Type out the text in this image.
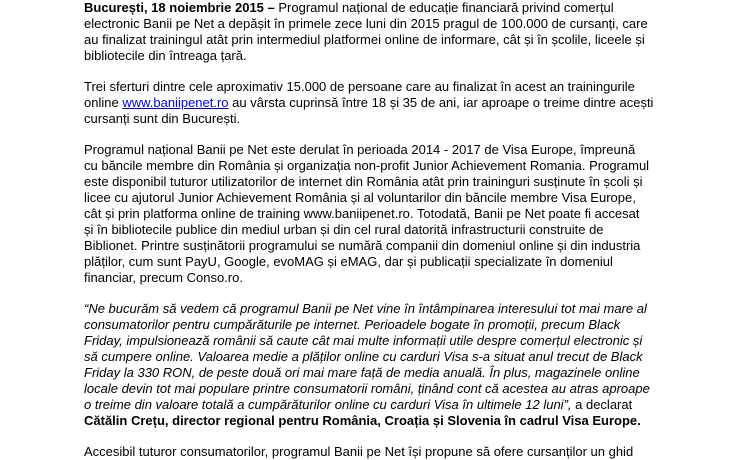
București, 18 noiembrie 2015 – Programul național de educație financiară privind comerțul
electronic Banii pe Net a depășit în primele zece luni din 2015 pragul de 100.000 de cursanți, care
au finalizat trainingul atât prin intermediul platformei online de informare, cât și în școlile, liceele și
bibliotecile din întreaga țară.
Trei sferturi dintre cele aproximativ 15.000 de persoane care au finalizat în acest an trainingurile
online www.baniipenet.ro au vârsta cuprinsă între 18 și 35 de ani, iar aproape o treime dintre acești
cursanți sunt din București.
Programul național Banii pe Net este derulat în perioada 2014 - 2017 de Visa Europe, împreună
cu băncile membre din România și organizația non-profit Junior Achievement Romania. Programul
este disponibil tuturor utilizatorilor de internet din România atât prin traininguri susținute în școli și
licee cu ajutorul Junior Achievement România și al voluntarilor din băncile membre Visa Europe,
cât și prin platforma online de training www.baniipenet.ro. Totodată, Banii pe Net poate fi accesat
și în bibliotecile publice din mediul urban și din cel rural datorită infrastructurii construite de
Biblionet. Printre susținătorii programului se numără companii din domeniul online și din industria
plăților, cum sunt PayU, Google, evoMAG și eMAG, dar și publicații specializate în domeniul
financiar, precum Conso.ro.
“Ne bucurăm să vedem că programul Banii pe Net vine în întâmpinarea interesului tot mai mare al
consumatorilor pentru cumpărăturile pe internet. Perioadele bogate în promoții, precum Black
Friday, impulsionează românii să caute cât mai multe informații utile despre comerțul electronic și
să cumpere online. Valoarea medie a plăților online cu carduri Visa s-a situat anul trecut de Black
Friday la 330 RON, de peste două ori mai mare față de media anuală. În plus, magazinele online
locale devin tot mai populare printre consumatorii români, ținând cont că acestea au atras aproape
o treime din valoare totală a cumpărăturilor online cu carduri Visa în ultimele 12 luni”, a declarat
Cătălin Crețu, director regional pentru România, Croația și Slovenia în cadrul Visa Europe.
Accesibil tuturor consumatorilor, programul Banii pe Net își propune să ofere cursanților un ghid
